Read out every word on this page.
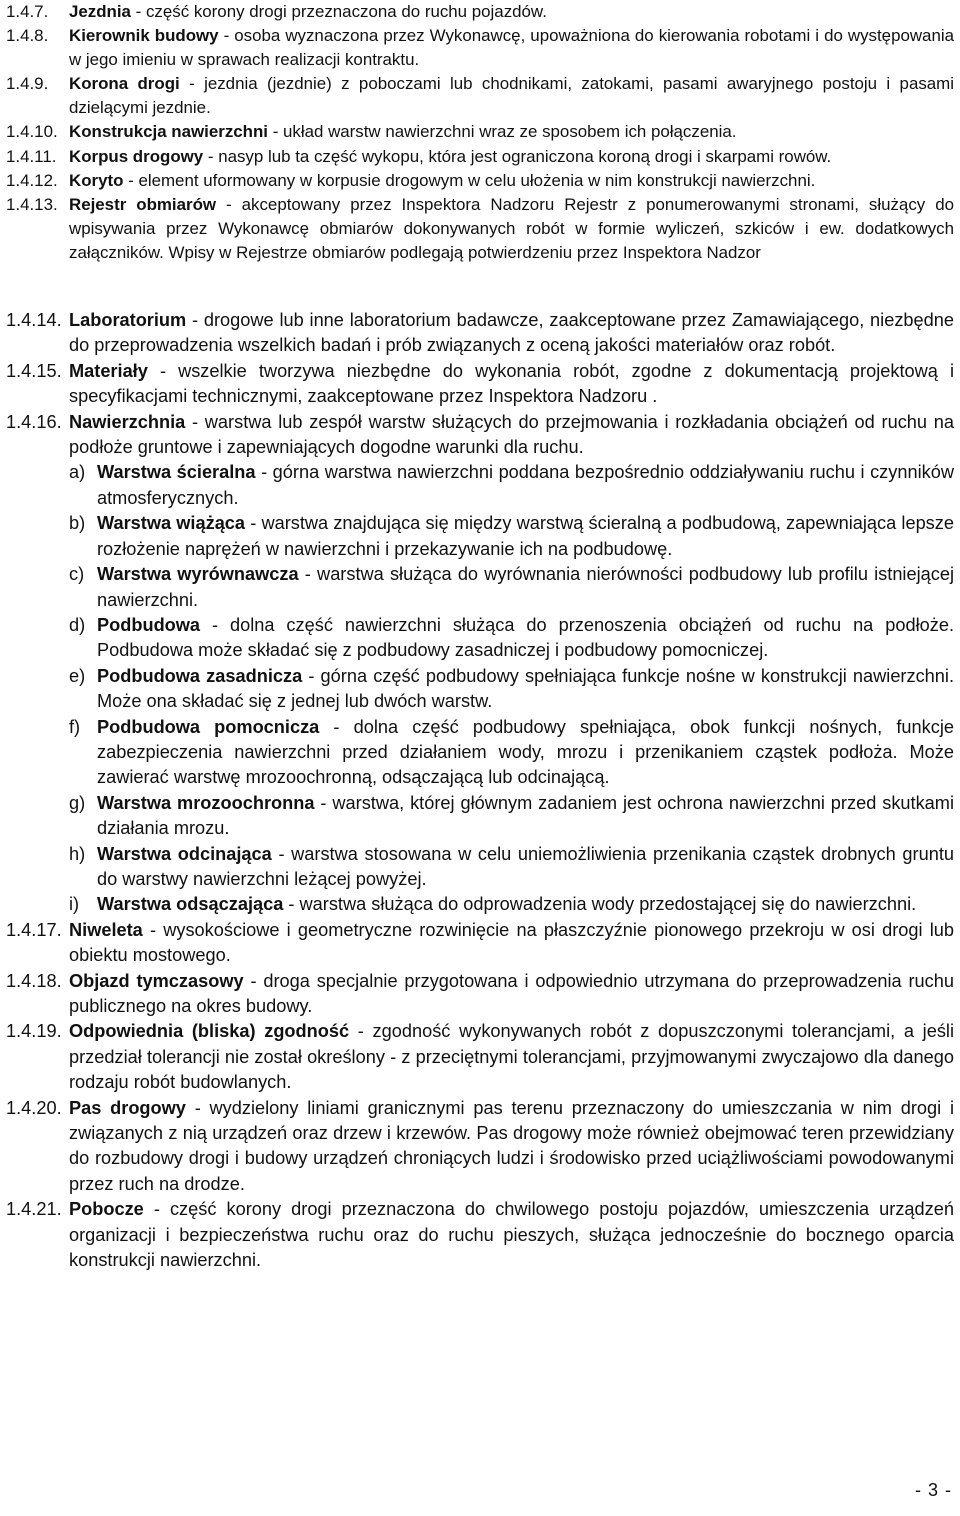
1.4.7.	Jezdnia - część korony drogi przeznaczona do ruchu pojazdów.
1.4.8.	Kierownik budowy - osoba wyznaczona przez Wykonawcę, upoważniona do kierowania robotami i do występowania w jego imieniu w sprawach realizacji kontraktu.
1.4.9.	Korona drogi - jezdnia (jezdnie) z poboczami lub chodnikami, zatokami, pasami awaryjnego postoju i pasami dzielącymi jezdnie.
1.4.10. Konstrukcja nawierzchni - układ warstw nawierzchni wraz ze sposobem ich połączenia.
1.4.11. Korpus drogowy - nasyp lub ta część wykopu, która jest ograniczona koroną drogi i skarpami rowów.
1.4.12. Koryto - element uformowany w korpusie drogowym w celu ułożenia w nim konstrukcji nawierzchni.
1.4.13. Rejestr obmiarów - akceptowany przez Inspektora Nadzoru Rejestr z ponumerowanymi stronami, służący do wpisywania przez Wykonawcę obmiarów dokonywanych robót w formie wyliczeń, szkiców i ew. dodatkowych załączników. Wpisy w Rejestrze obmiarów podlegają potwierdzeniu przez Inspektora Nadzor
1.4.14. Laboratorium - drogowe lub inne laboratorium badawcze, zaakceptowane przez Zamawiającego, niezbędne do przeprowadzenia wszelkich badań i prób związanych z oceną jakości materiałów oraz robót.
1.4.15. Materiały - wszelkie tworzywa niezbędne do wykonania robót, zgodne z dokumentacją projektową i specyfikacjami technicznymi, zaakceptowane przez Inspektora Nadzoru .
1.4.16. Nawierzchnia - warstwa lub zespół warstw służących do przejmowania i rozkładania obciążeń od ruchu na podłoże gruntowe i zapewniających dogodne warunki dla ruchu.
a) Warstwa ścieralna - górna warstwa nawierzchni poddana bezpośrednio oddziaływaniu ruchu i czynników atmosferycznych.
b) Warstwa wiążąca - warstwa znajdująca się między warstwą ścieralną a podbudową, zapewniająca lepsze rozłożenie naprężeń w nawierzchni i przekazywanie ich na podbudowę.
c) Warstwa wyrównawcza - warstwa służąca do wyrównania nierówności podbudowy lub profilu istniejącej nawierzchni.
d) Podbudowa - dolna część nawierzchni służąca do przenoszenia obciążeń od ruchu na podłoże. Podbudowa może składać się z podbudowy zasadniczej i podbudowy pomocniczej.
e) Podbudowa zasadnicza - górna część podbudowy spełniająca funkcje nośne w konstrukcji nawierzchni. Może ona składać się z jednej lub dwóch warstw.
f) Podbudowa pomocnicza - dolna część podbudowy spełniająca, obok funkcji nośnych, funkcje zabezpieczenia nawierzchni przed działaniem wody, mrozu i przenikaniem cząstek podłoża. Może zawierać warstwę mrozoochronną, odsączającą lub odcinającą.
g) Warstwa mrozoochronna - warstwa, której głównym zadaniem jest ochrona nawierzchni przed skutkami działania mrozu.
h) Warstwa odcinająca - warstwa stosowana w celu uniemożliwienia przenikania cząstek drobnych gruntu do warstwy nawierzchni leżącej powyżej.
i) Warstwa odsączająca - warstwa służąca do odprowadzenia wody przedostającej się do nawierzchni.
1.4.17. Niweleta - wysokościowe i geometryczne rozwinięcie na płaszczyźnie pionowego przekroju w osi drogi lub obiektu mostowego.
1.4.18. Objazd tymczasowy - droga specjalnie przygotowana i odpowiednio utrzymana do przeprowadzenia ruchu publicznego na okres budowy.
1.4.19. Odpowiednia (bliska) zgodność - zgodność wykonywanych robót z dopuszczonymi tolerancjami, a jeśli przedział tolerancji nie został określony - z przeciętnymi tolerancjami, przyjmowanymi zwyczajowo dla danego rodzaju robót budowlanych.
1.4.20. Pas drogowy - wydzielony liniami granicznymi pas terenu przeznaczony do umieszczania w nim drogi i związanych z nią urządzeń oraz drzew i krzewów. Pas drogowy może również obejmować teren przewidziany do rozbudowy drogi i budowy urządzeń chroniących ludzi i środowisko przed uciążliwościami powodowanymi przez ruch na drodze.
1.4.21. Pobocze - część korony drogi przeznaczona do chwilowego postoju pojazdów, umieszczenia urządzeń organizacji i bezpieczeństwa ruchu oraz do ruchu pieszych, służąca jednocześnie do bocznego oparcia konstrukcji nawierzchni.
- 3 -
